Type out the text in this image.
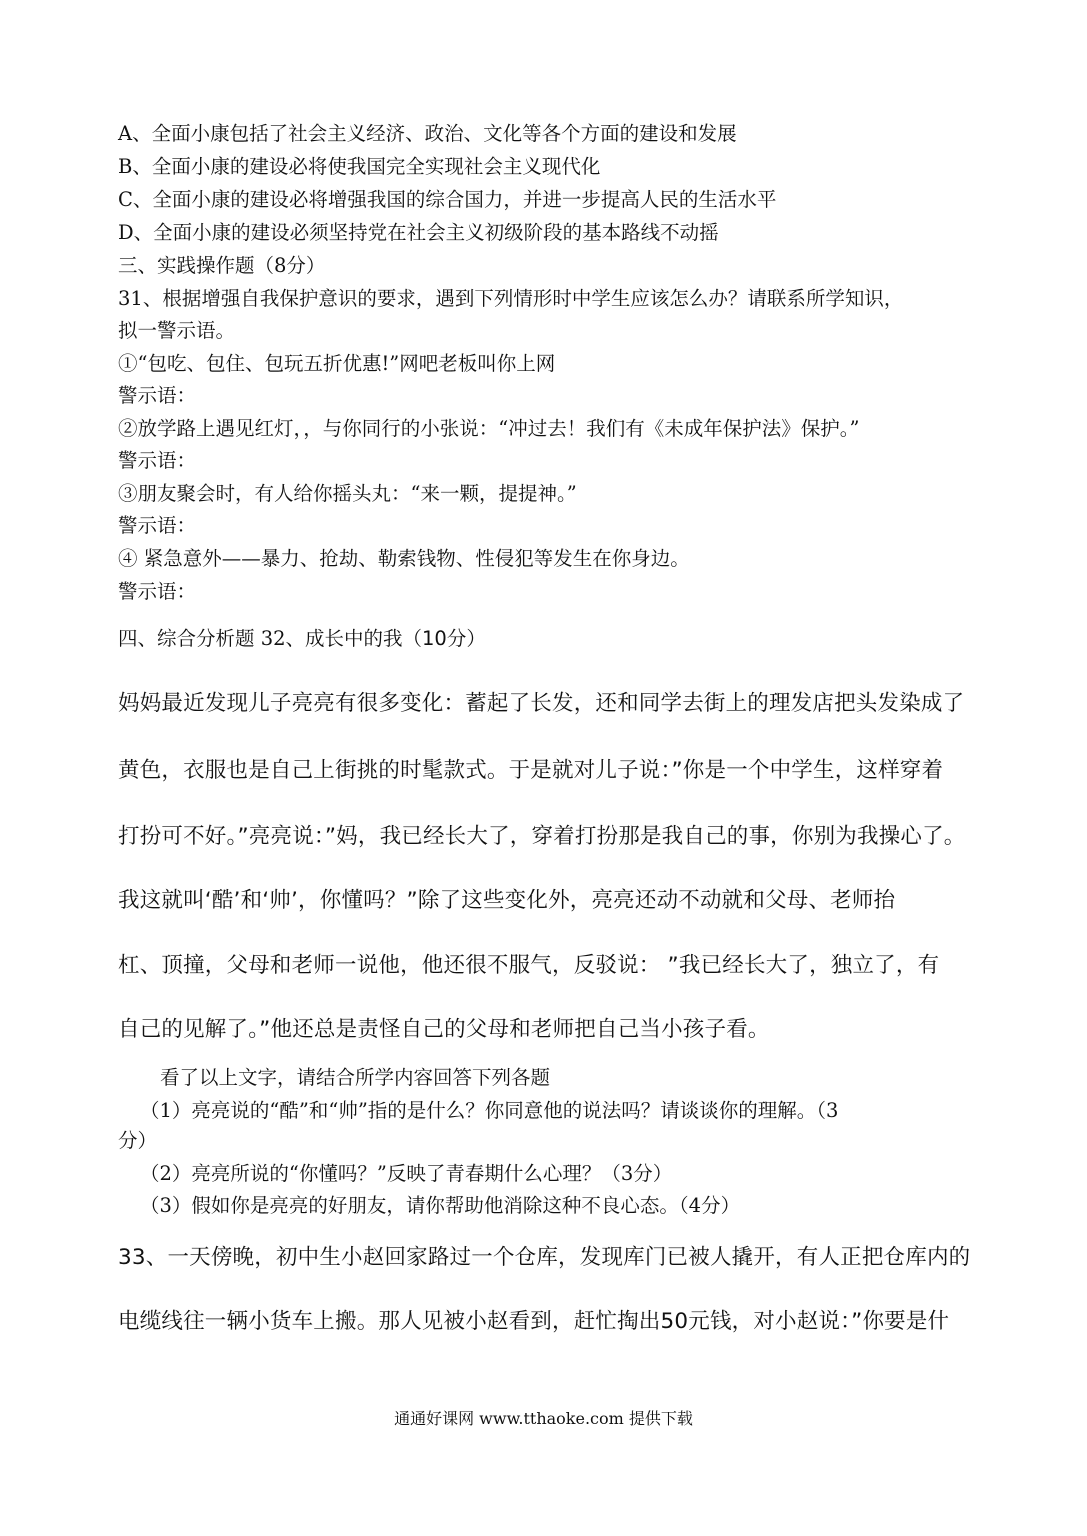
A、全面小康包括了社会主义经济、政治、文化等各个方面的建设和发展
B、全面小康的建设必将使我国完全实现社会主义现代化
C、全面小康的建设必将增强我国的综合国力，并进一步提高人民的生活水平
D、全面小康的建设必须坚持党在社会主义初级阶段的基本路线不动摇
三、实践操作题（8分）
31、根据增强自我保护意识的要求，遇到下列情形时中学生应该怎么办？请联系所学知识，
拟一警示语。
①“包吃、包住、包玩五折优惠!”网吧老板叫你上网
警示语：
②放学路上遇见红灯，，与你同行的小张说：“冲过去！我们有《未成年保护法》保护。”
警示语：
③朋友聚会时，有人给你摇头丸：“来一颗，提提神。”
警示语：
④ 紧急意外——暴力、抢劫、勒索钱物、性侵犯等发生在你身边。
警示语：
四、综合分析题 32、成长中的我（10分）
妈妈最近发现儿子亮亮有很多变化：蓄起了长发，还和同学去街上的理发店把头发染成了
黄色，衣服也是自己上街挑的时髦款式。于是就对儿子说：”你是一个中学生，这样穿着
打扮可不好。”亮亮说：”妈，我已经长大了，穿着打扮那是我自己的事，你别为我操心了。
我这就叫‘酷’和‘帅’，你懂吗？”除了这些变化外，亮亮还动不动就和父母、老师抬
杠、顶撞，父母和老师一说他，他还很不服气，反驳说： ”我已经长大了，独立了，有
自己的见解了。”他还总是责怪自己的父母和老师把自己当小孩子看。
看了以上文字，请结合所学内容回答下列各题
（1）亮亮说的“酷”和“帅”指的是什么？你同意他的说法吗？请谈谈你的理解。（3
分）
（2）亮亮所说的“你懂吗？”反映了青春期什么心理？（3分）
（3）假如你是亮亮的好朋友，请你帮助他消除这种不良心态。（4分）
33、一天傍晚，初中生小赵回家路过一个仓库，发现库门已被人撬开，有人正把仓库内的
电缆线往一辆小货车上搬。那人见被小赵看到，赶忙掏出50元钱，对小赵说：”你要是什
通通好课网 www.tthaoke.com 提供下载
